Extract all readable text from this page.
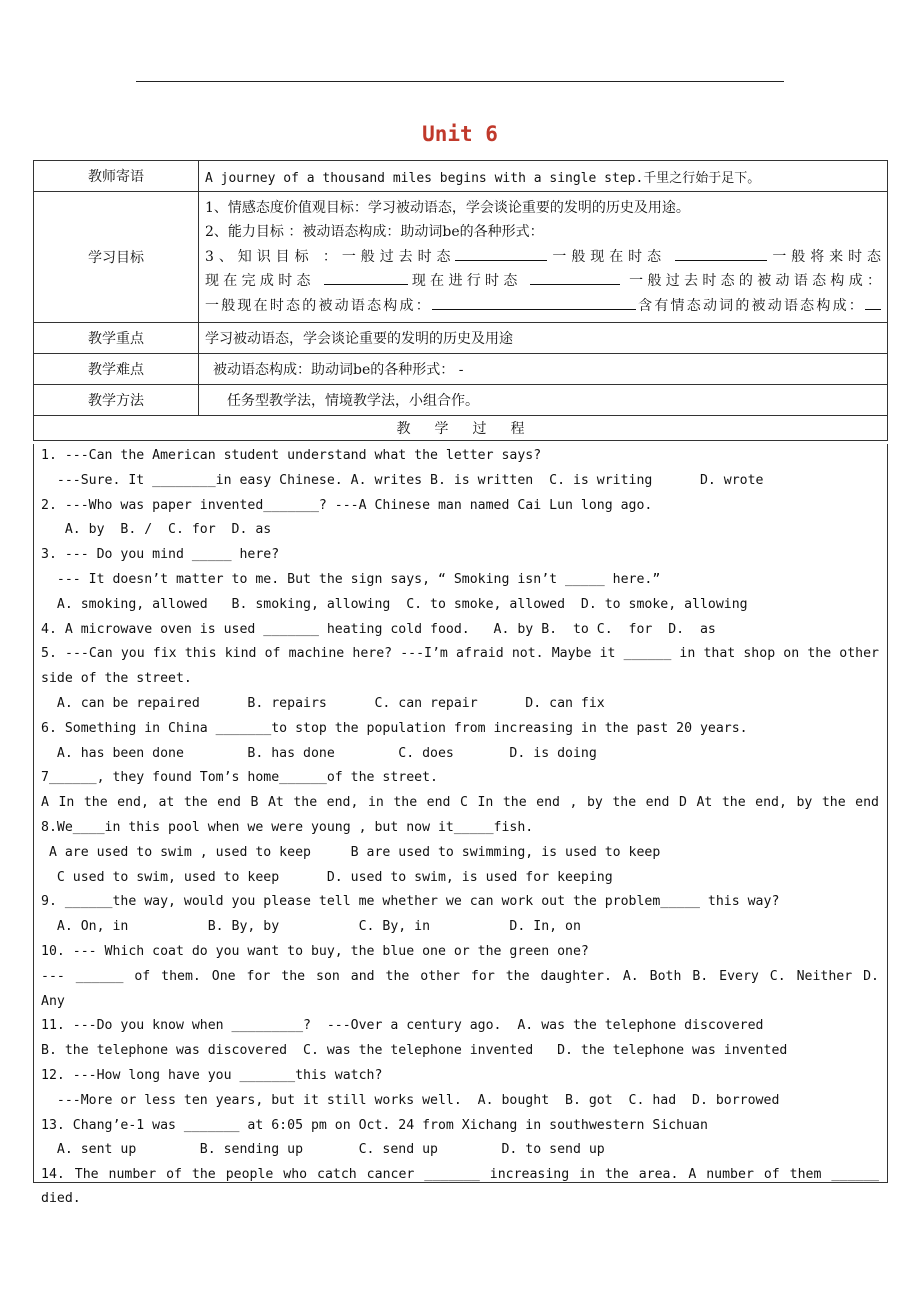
Unit 6
教师寄语	A journey of a thousand miles begins with a single step.千里之行始于足下。
学习目标	1、情感态度价值观目标：学习被动语态，学会谈论重要的发明的历史及用途。
2、能力目标 ：被动语态构成：助动词be的各种形式：
3、知识目标 ：一般过去时态 一般现在时态 一般将来时态
现在完成时态 现在进行时态 一般过去时态的被动语态构成：
一般现在时态的被动语态构成： 含有情态动词的被动语态构成：

教学重点	学习被动语态，学会谈论重要的发明的历史及用途
教学难点	被动语态构成：助动词be的各种形式： -
教学方法	任务型教学法，情境教学法，小组合作。
教 学 过 程	
1. ---Can the American student understand what the letter says?
---Sure. It ________in easy Chinese. A. writes B. is written  C. is writing      D. wrote
2. ---Who was paper invented_______? ---A Chinese man named Cai Lun long ago.
A. by  B. /  C. for  D. as
3. --- Do you mind _____ here?
--- It doesn’t matter to me. But the sign says, “ Smoking isn’t _____ here.”
A. smoking, allowed   B. smoking, allowing  C. to smoke, allowed  D. to smoke, allowing
4. A microwave oven is used _______ heating cold food.   A. by B.  to C.  for  D.  as
5. ---Can you fix this kind of machine here? ---I’m afraid not. Maybe it ______ in that shop on the other
side of the street.
A. can be repaired      B. repairs      C. can repair      D. can fix
6. Something in China _______to stop the population from increasing in the past 20 years.
A. has been done        B. has done        C. does       D. is doing
7______, they found Tom’s home______of the street.
A In the end, at the end B At the end, in the end C In the end , by the end D At the end, by the end
8.We____in this pool when we were young , but now it_____fish.
A are used to swim , used to keep     B are used to swimming, is used to keep
C used to swim, used to keep      D. used to swim, is used for keeping
9. ______the way, would you please tell me whether we can work out the problem_____ this way?
A. On, in          B. By, by          C. By, in          D. In, on
10. --- Which coat do you want to buy, the blue one or the green one?
--- ______ of them. One for the son and the other for the daughter. A. Both B. Every C. Neither D.
Any
11. ---Do you know when _________?  ---Over a century ago.  A. was the telephone discovered
B. the telephone was discovered  C. was the telephone invented   D. the telephone was invented
12. ---How long have you _______this watch?
---More or less ten years, but it still works well.  A. bought  B. got  C. had  D. borrowed
13. Chang’e-1 was _______ at 6:05 pm on Oct. 24 from Xichang in southwestern Sichuan
A. sent up        B. sending up       C. send up        D. to send up
14. The number of the people who catch cancer _______ increasing in the area. A number of them ______ died.
